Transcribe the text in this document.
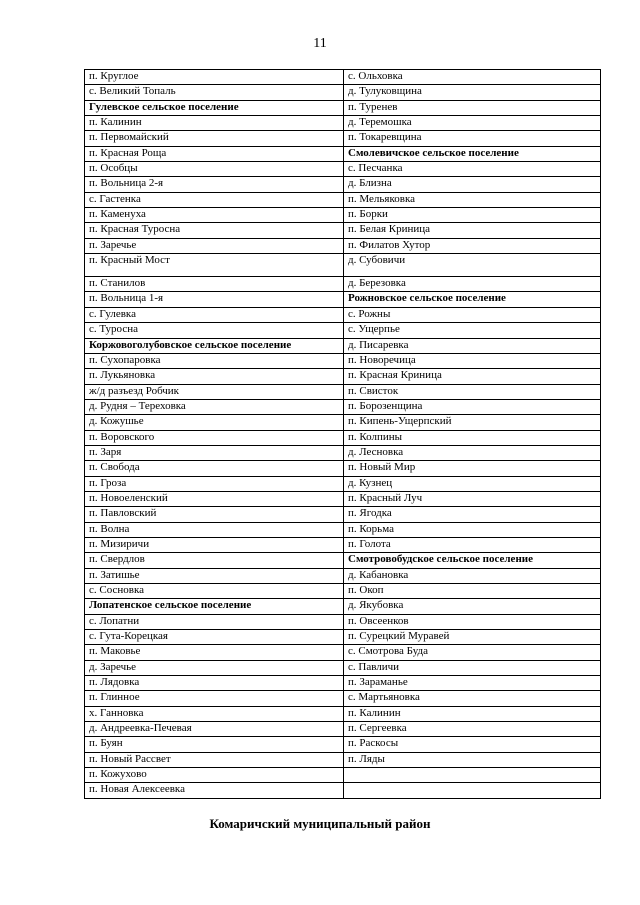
11
п. Круглое	с. Ольховка
с. Великий Топаль	д. Тулуковщина
Гулевское сельское поселение	п. Туренев
п. Калинин	д. Теремошка
п. Первомайский	п. Токаревщина
п. Красная Роща	Смолевичское сельское поселение
п. Особцы	с. Песчанка
п. Вольница 2-я	д. Близна
с. Гастенка	п. Мельяковка
п. Каменуха	п. Борки
п. Красная Туросна	п. Белая Криница
п. Заречье	п. Филатов Хутор
п. Красный Мост	д. Субовичи
п. Станилов	д. Березовка
п. Вольница 1-я	Рожновское сельское поселение
с. Гулевка	с. Рожны
с. Туросна	с. Ущерпье
Коржовоголубовское сельское поселение	д. Писаревка
п. Сухопаровка	п. Новоречица
п. Лукьяновка	п. Красная Криница
ж/д разъезд Робчик	п. Свисток
д. Рудня – Тереховка	п. Борозенщина
д. Кожушье	п. Кипень-Ущерпский
п. Воровского	п. Колпины
п. Заря	д. Лесновка
п. Свобода	п. Новый Мир
п. Гроза	д. Кузнец
п. Новоеленский	п. Красный Луч
п. Павловский	п. Ягодка
п. Волна	п. Корьма
п. Мизиричи	п. Голота
п. Свердлов	Смотровобудское сельское поселение
п. Затишье	д. Кабановка
с. Сосновка	п. Окоп
Лопатенское сельское поселение	д. Якубовка
с. Лопатни	п. Овсеенков
с. Гута-Корецкая	п. Сурецкий Муравей
п. Маковье	с. Смотрова Буда
д. Заречье	с. Павличи
п. Лядовка	п. Зараманье
п. Глинное	с. Мартьяновка
х. Ганновка	п. Калинин
д. Андреевка-Печевая	п. Сергеевка
п. Буян	п. Раскосы
п. Новый Рассвет	п. Ляды
п. Кожухово	
п. Новая Алексеевка	
Комаричский муниципальный район
